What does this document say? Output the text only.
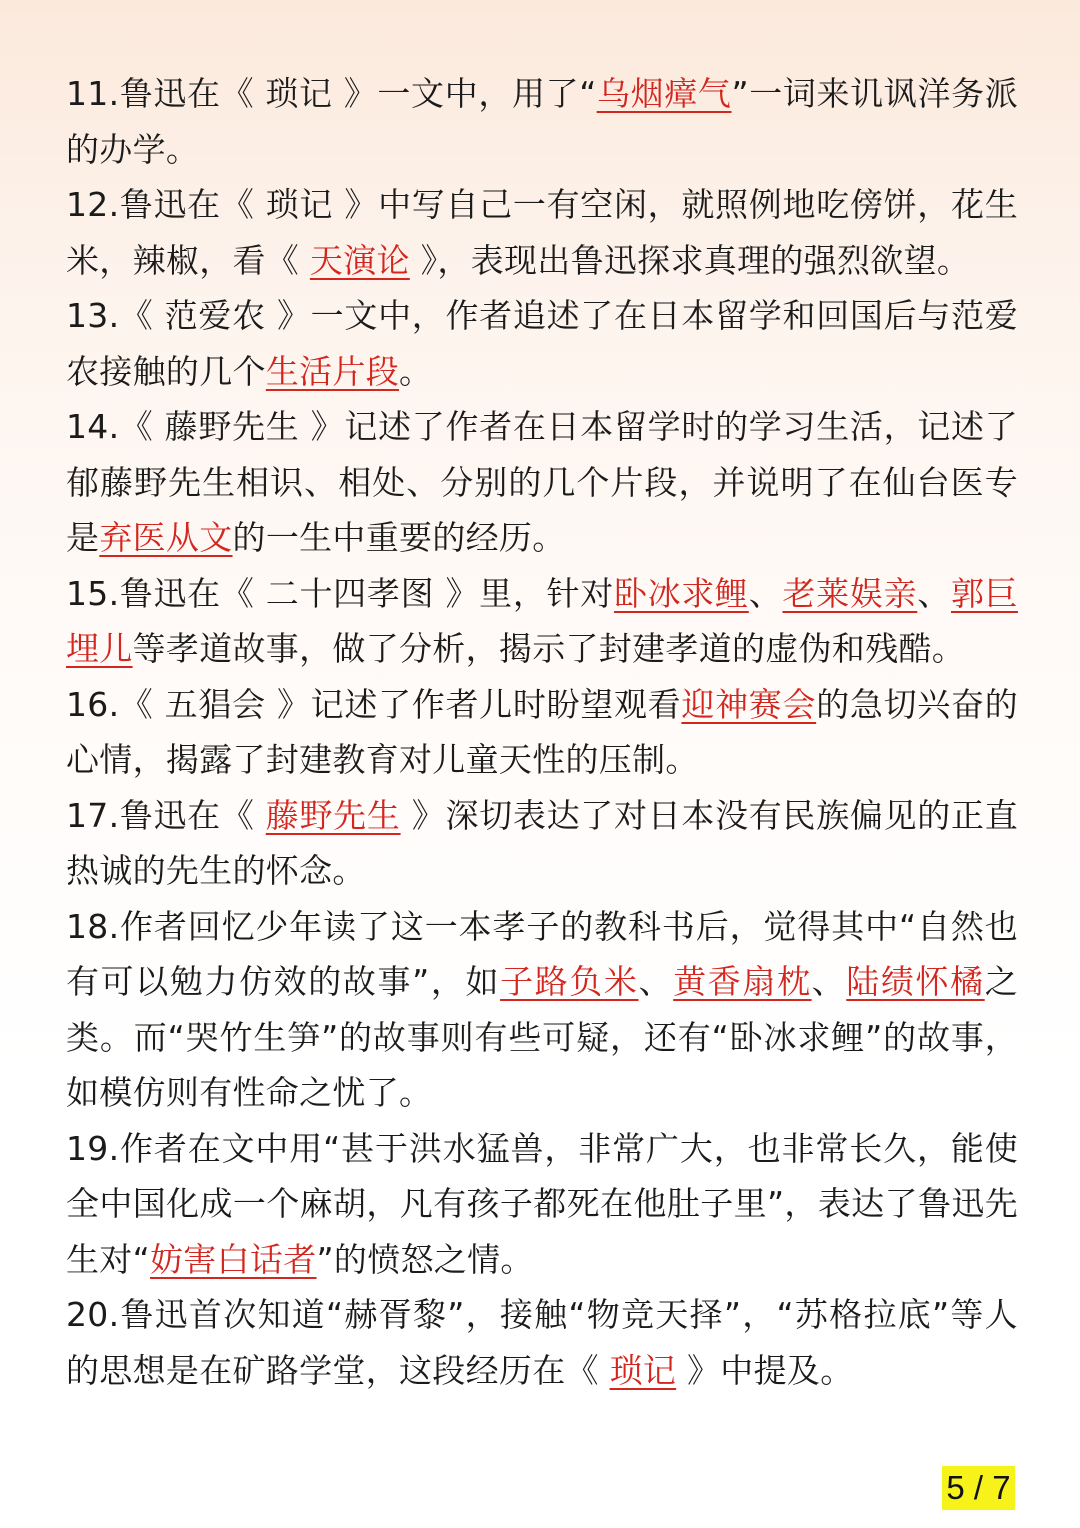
11.鲁迅在《 琐记 》一文中，用了“乌烟瘴气”一词来讥讽洋务派的办学。

12.鲁迅在《 琐记 》中写自己一有空闲，就照例地吃傍饼，花生米，辣椒，看《 天演论 》，表现出鲁迅探求真理的强烈欲望。

13.《 范爱农 》一文中，作者追述了在日本留学和回国后与范爱农接触的几个生活片段。

14.《 藤野先生 》记述了作者在日本留学时的学习生活，记述了郁藤野先生相识、相处、分别的几个片段，并说明了在仙台医专是弃医从文的一生中重要的经历。

15.鲁迅在《 二十四孝图 》里，针对卧冰求鲤、老莱娱亲、郭巨埋儿等孝道故事，做了分析，揭示了封建孝道的虚伪和残酷。

16.《 五猖会 》记述了作者儿时盼望观看迎神赛会的急切兴奋的心情，揭露了封建教育对儿童天性的压制。

17.鲁迅在《 藤野先生 》深切表达了对日本没有民族偏见的正直热诚的先生的怀念。

18.作者回忆少年读了这一本孝子的教科书后，觉得其中“自然也有可以勉力仿效的故事”，如子路负米、黄香扇枕、陆绩怀橘之类。而“哭竹生笋”的故事则有些可疑，还有“卧冰求鲤”的故事，如模仿则有性命之忧了。

19.作者在文中用“甚于洪水猛兽，非常广大，也非常长久，能使 全中国化成一个麻胡，凡有孩子都死在他肚子里”，表达了鲁迅先生对“妨害白话者”的愤怒之情。

20.鲁迅首次知道“赫胥黎”，接触“物竞天择”，“苏格拉底”等人的思想是在矿路学堂，这段经历在《 琐记 》中提及。

5 / 7
